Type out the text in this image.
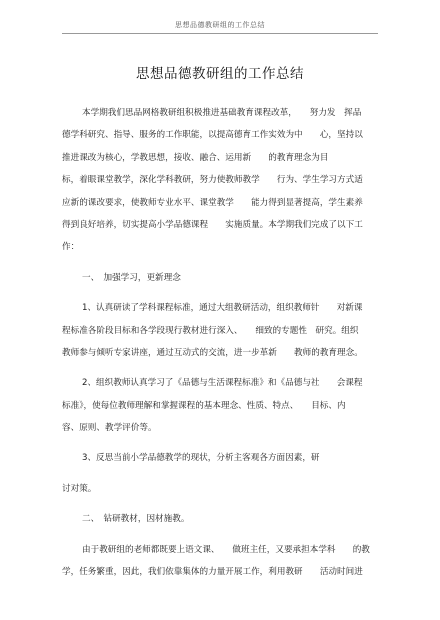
思想品德教研组的工作总结
思想品德教研组的工作总结
本学期我们思品网格教研组积极推进基础教育课程改革，　　努力发　挥品
德学科研究、指导、服务的工作职能，以提高德育工作实效为中　　心，坚持以
推进课改为核心，学教思想，接收、融合、运用新　　的教育理念为目
标，着眼课堂教学，深化学科教研，努力使教师教学　　行为、学生学习方式适
应新的课改要求，使教师专业水平、课堂教学　　能力得到显著提高，学生素养
得到良好培养，切实提高小学品德课程　　实施质量。本学期我们完成了以下工
作：
一、　加强学习，更新理念
1、认真研读了学科课程标准，通过大组教研活动，组织教师针　　对新课
程标准各阶段目标和各学段现行教材进行深入、　　细致的专题性　研究。组织
教师参与倾听专家讲座，通过互动式的交流，进一步革新　　教师的教育理念。
2、组织教师认真学习了《品德与生活课程标准》和《品德与社　　会课程
标准》，使每位教师理解和掌握课程的基本理念、性质、特点、　　目标、内
容、原则、教学评价等。
3、反思当前小学品德教学的现状，分析主客观各方面因素，研
讨对策。
二、　钻研教材，因材施教。
由于教研组的老师都既要上语文课、　　做班主任，又要承担本学科　　的教
学，任务繁重，因此，我们依靠集体的力量开展工作，利用教研　　活动时间进
